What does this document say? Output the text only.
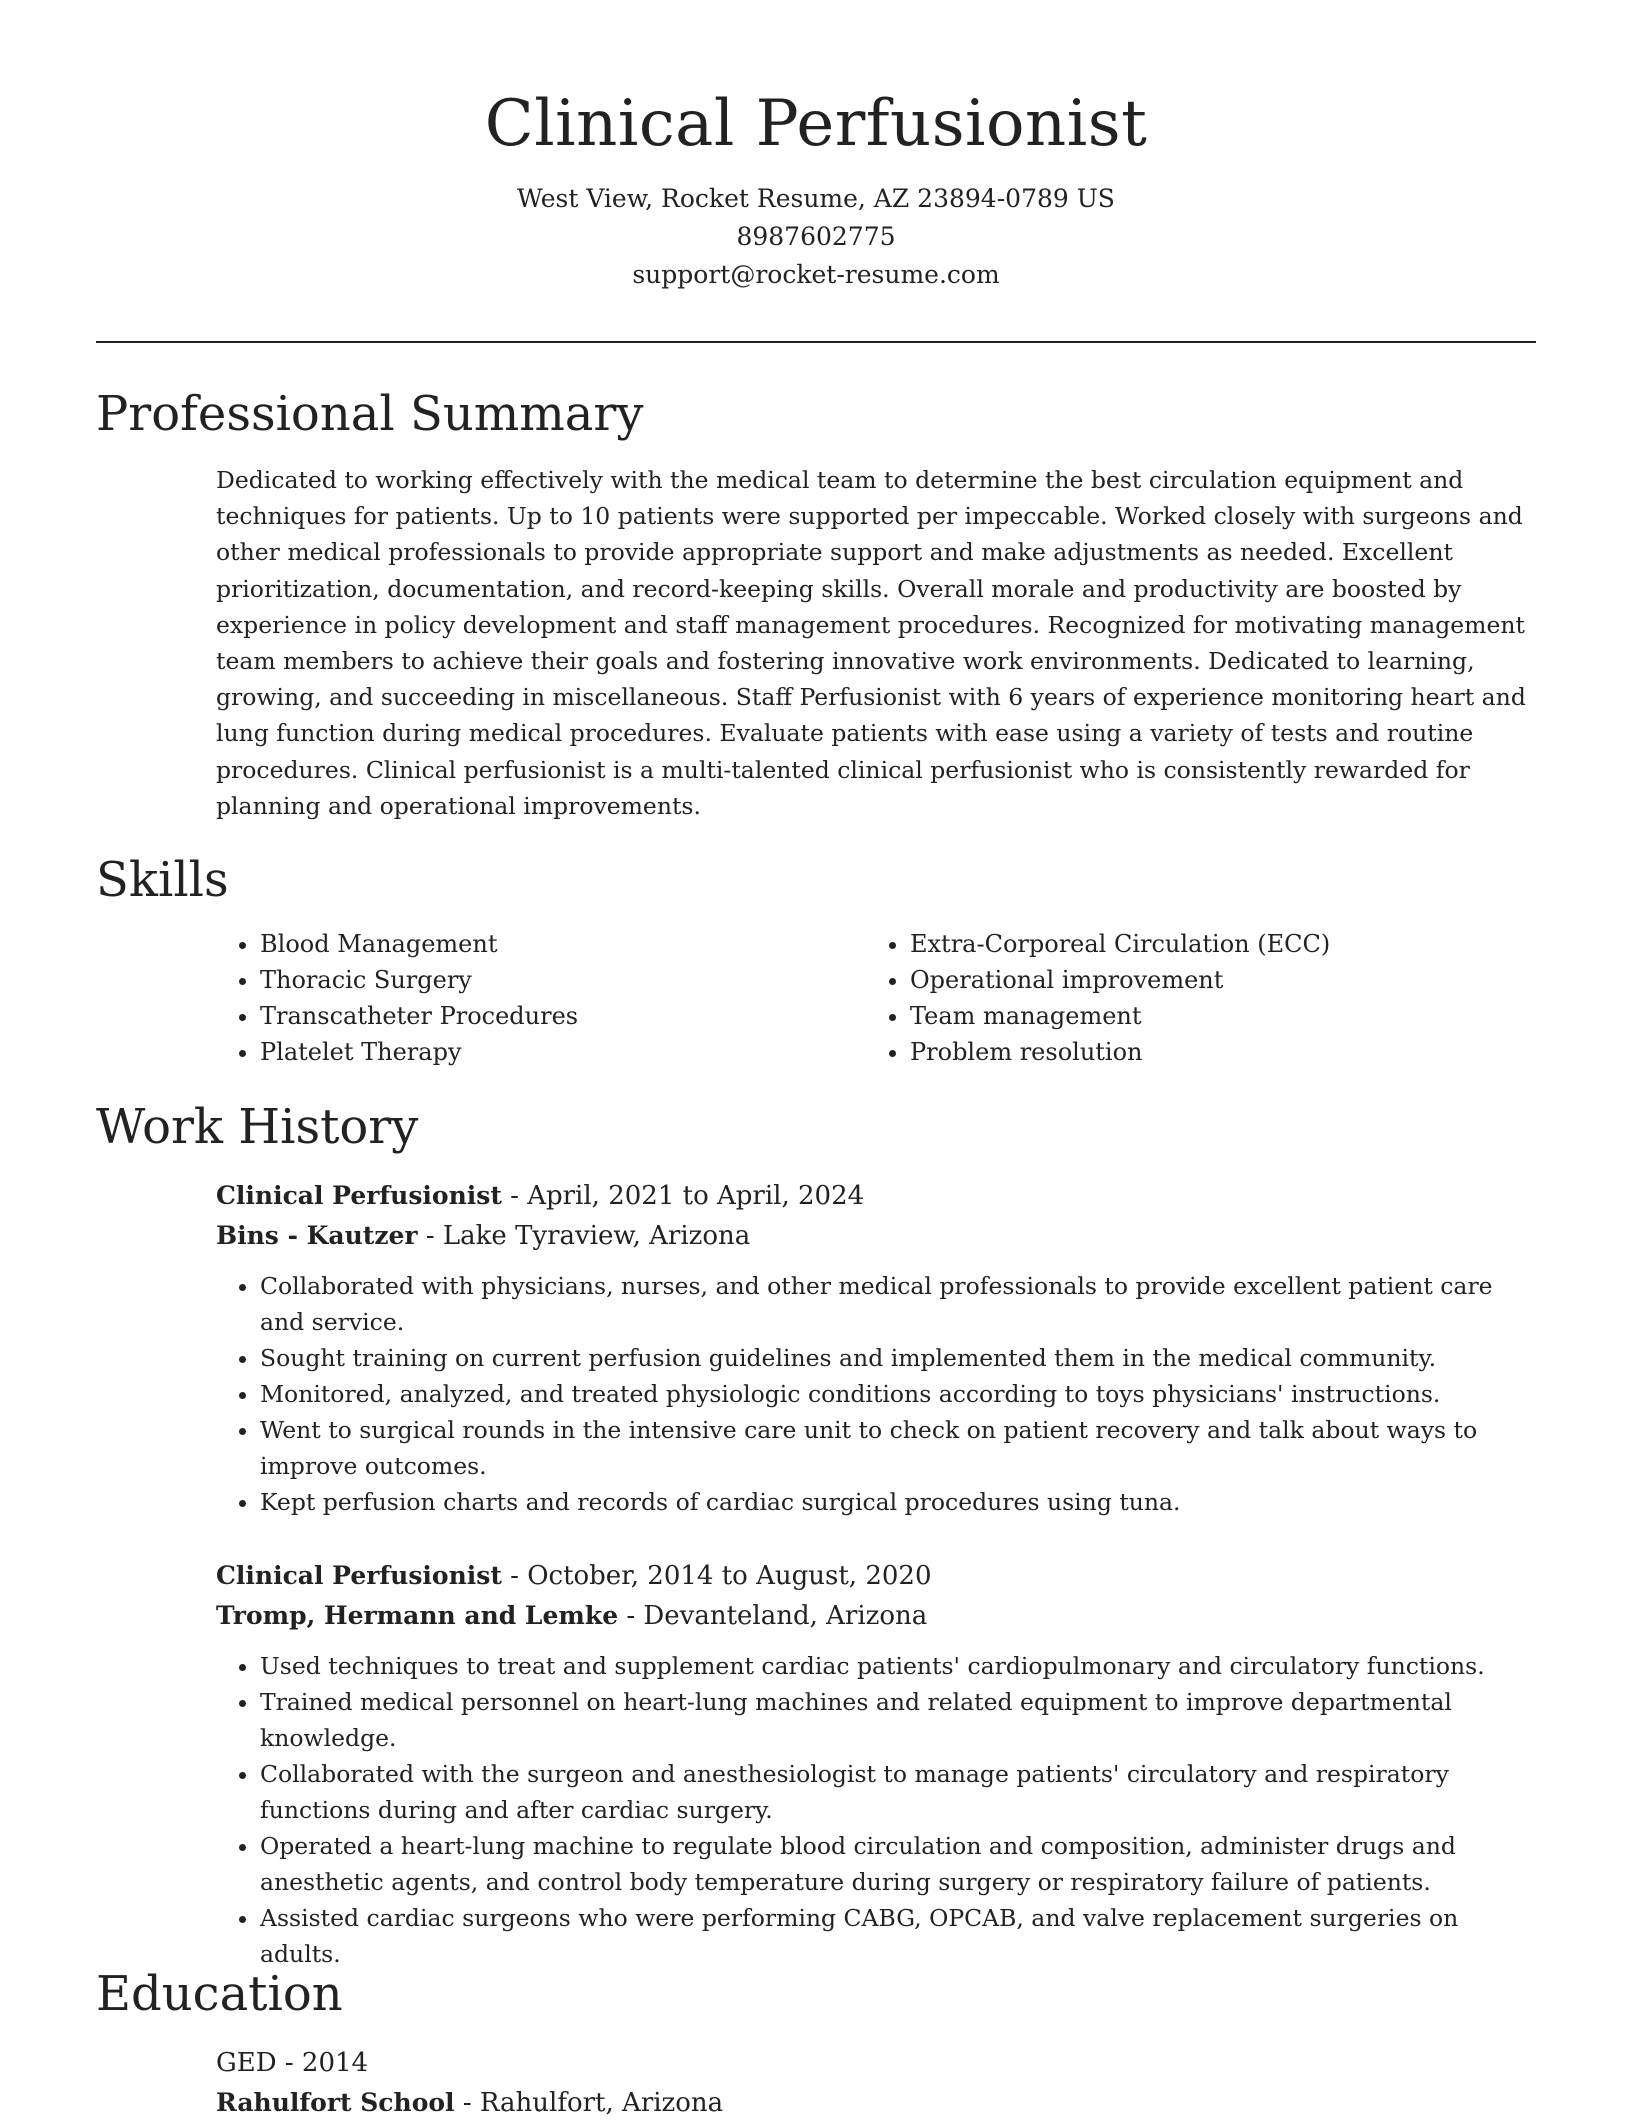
Clinical Perfusionist
West View, Rocket Resume, AZ 23894-0789 US
8987602775
support@rocket-resume.com
Professional Summary
Dedicated to working effectively with the medical team to determine the best circulation equipment and techniques for patients. Up to 10 patients were supported per impeccable. Worked closely with surgeons and other medical professionals to provide appropriate support and make adjustments as needed. Excellent prioritization, documentation, and record-keeping skills. Overall morale and productivity are boosted by experience in policy development and staff management procedures. Recognized for motivating management team members to achieve their goals and fostering innovative work environments. Dedicated to learning, growing, and succeeding in miscellaneous. Staff Perfusionist with 6 years of experience monitoring heart and lung function during medical procedures. Evaluate patients with ease using a variety of tests and routine procedures. Clinical perfusionist is a multi-talented clinical perfusionist who is consistently rewarded for planning and operational improvements.
Skills
• Blood Management
• Thoracic Surgery
• Transcatheter Procedures
• Platelet Therapy
• Extra-Corporeal Circulation (ECC)
• Operational improvement
• Team management
• Problem resolution
Work History
Clinical Perfusionist - April, 2021 to April, 2024
Bins - Kautzer - Lake Tyraview, Arizona
• Collaborated with physicians, nurses, and other medical professionals to provide excellent patient care and service.
• Sought training on current perfusion guidelines and implemented them in the medical community.
• Monitored, analyzed, and treated physiologic conditions according to toys physicians' instructions.
• Went to surgical rounds in the intensive care unit to check on patient recovery and talk about ways to improve outcomes.
• Kept perfusion charts and records of cardiac surgical procedures using tuna.
Clinical Perfusionist - October, 2014 to August, 2020
Tromp, Hermann and Lemke - Devanteland, Arizona
• Used techniques to treat and supplement cardiac patients' cardiopulmonary and circulatory functions.
• Trained medical personnel on heart-lung machines and related equipment to improve departmental knowledge.
• Collaborated with the surgeon and anesthesiologist to manage patients' circulatory and respiratory functions during and after cardiac surgery.
• Operated a heart-lung machine to regulate blood circulation and composition, administer drugs and anesthetic agents, and control body temperature during surgery or respiratory failure of patients.
• Assisted cardiac surgeons who were performing CABG, OPCAB, and valve replacement surgeries on adults.
Education
GED - 2014
Rahulfort School - Rahulfort, Arizona
